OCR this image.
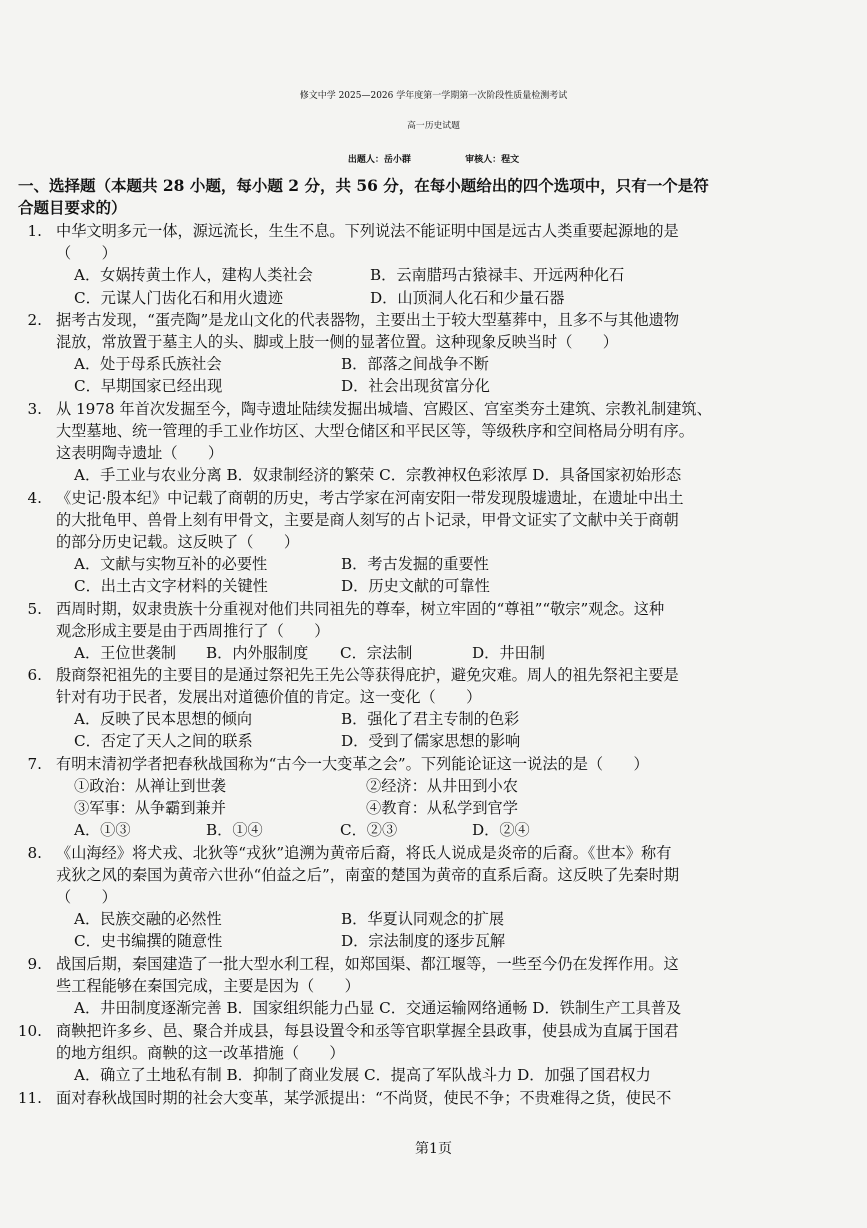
修文中学 2025—2026 学年度第一学期第一次阶段性质量检测考试
高一历史试题
出题人：岳小群	审核人：程文
一、选择题（本题共 28 小题，每小题 2 分，共 56 分，在每小题给出的四个选项中，只有一个是符
合题目要求的）
1. 中华文明多元一体，源远流长，生生不息。下列说法不能证明中国是远古人类重要起源地的是
（　　）
A．女娲抟黄土作人，建构人类社会	B．云南腊玛古猿禄丰、开远两种化石
C．元谋人门齿化石和用火遗迹	D．山顶洞人化石和少量石器
2. 据考古发现，“蛋壳陶”是龙山文化的代表器物，主要出土于较大型墓葬中，且多不与其他遗物
混放，常放置于墓主人的头、脚或上肢一侧的显著位置。这种现象反映当时（　　）
A．处于母系氏族社会	B．部落之间战争不断
C．早期国家已经出现	D．社会出现贫富分化
3. 从 1978 年首次发掘至今，陶寺遗址陆续发掘出城墙、宫殿区、宫室类夯土建筑、宗教礼制建筑、
大型墓地、统一管理的手工业作坊区、大型仓储区和平民区等，等级秩序和空间格局分明有序。
这表明陶寺遗址（　　）
A．手工业与农业分离 B．奴隶制经济的繁荣 C．宗教神权色彩浓厚 D．具备国家初始形态
4. 《史记·殷本纪》中记载了商朝的历史，考古学家在河南安阳一带发现殷墟遗址，在遗址中出土
的大批龟甲、兽骨上刻有甲骨文，主要是商人刻写的占卜记录，甲骨文证实了文献中关于商朝
的部分历史记载。这反映了（　　）
A．文献与实物互补的必要性	B．考古发掘的重要性
C．出土古文字材料的关键性	D．历史文献的可靠性
5. 西周时期，奴隶贵族十分重视对他们共同祖先的尊奉，树立牢固的“尊祖”“敬宗”观念。这种
观念形成主要是由于西周推行了（　　）
A．王位世袭制 B．内外服制度 C．宗法制	D．井田制
6. 殷商祭祀祖先的主要目的是通过祭祀先王先公等获得庇护，避免灾难。周人的祖先祭祀主要是
针对有功于民者，发展出对道德价值的肯定。这一变化（　　）
A．反映了民本思想的倾向	B．强化了君主专制的色彩
C．否定了天人之间的联系	D．受到了儒家思想的影响
7. 有明末清初学者把春秋战国称为“古今一大变革之会”。下列能论证这一说法的是（　　）
①政治：从禅让到世袭	②经济：从井田到小农
③军事：从争霸到兼并	④教育：从私学到官学
A．①③	B．①④	C．②③	D．②④
8. 《山海经》将犬戎、北狄等“戎狄”追溯为黄帝后裔，将氐人说成是炎帝的后裔。《世本》称有
戎狄之风的秦国为黄帝六世孙“伯益之后”，南蛮的楚国为黄帝的直系后裔。这反映了先秦时期
（　　）
A．民族交融的必然性	B．华夏认同观念的扩展
C．史书编撰的随意性	D．宗法制度的逐步瓦解
9. 战国后期，秦国建造了一批大型水利工程，如郑国渠、都江堰等，一些至今仍在发挥作用。这
些工程能够在秦国完成，主要是因为（　　）
A．井田制度逐渐完善 B．国家组织能力凸显 C．交通运输网络通畅 D．铁制生产工具普及
10. 商鞅把许多乡、邑、聚合并成县，每县设置令和丞等官职掌握全县政事，使县成为直属于国君
的地方组织。商鞅的这一改革措施（　　）
A．确立了土地私有制 B．抑制了商业发展 C．提高了军队战斗力 D．加强了国君权力
11. 面对春秋战国时期的社会大变革，某学派提出：“不尚贤，使民不争；不贵难得之货，使民不
第1页
